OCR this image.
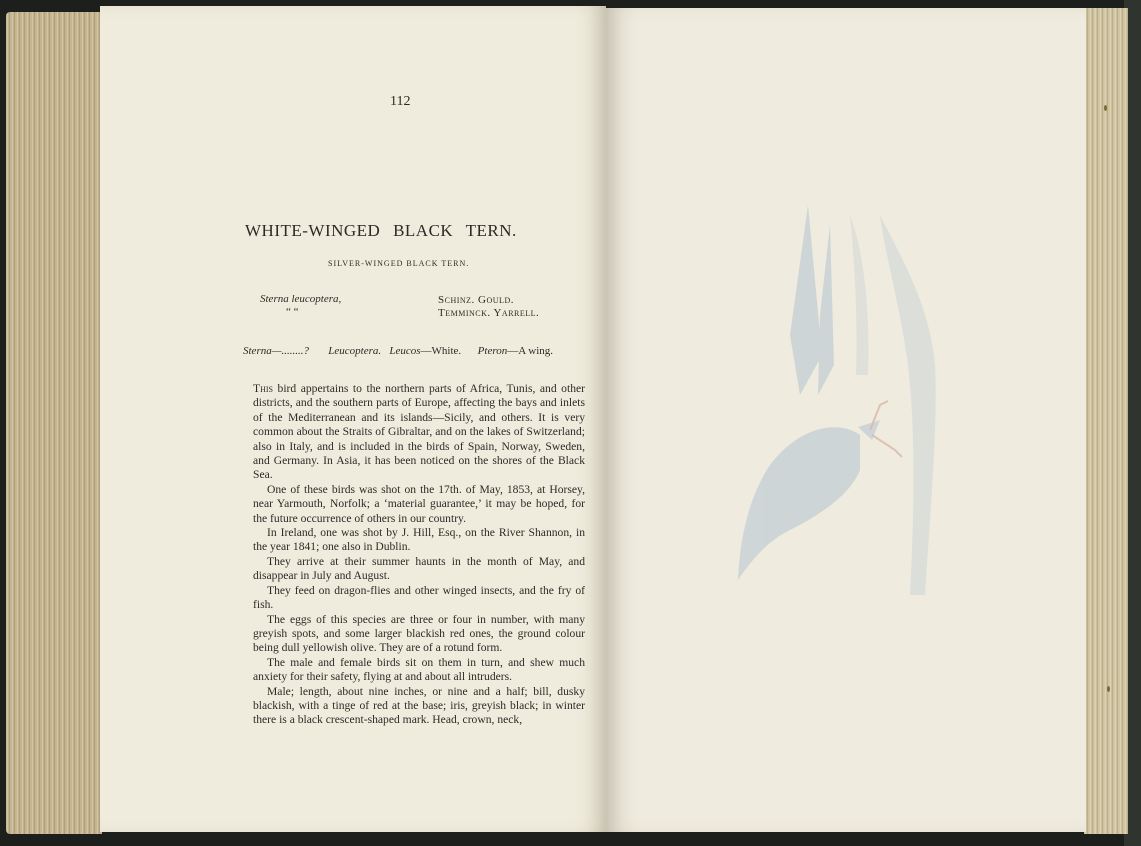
112
WHITE-WINGED BLACK TERN.
SILVER-WINGED BLACK TERN.
Sterna leucoptera,	Schinz. Gould.
“ “	Temminck. Yarrell.
Sterna—........? Leucoptera. Leucos—White. Pteron—A wing.

This bird appertains to the northern parts of Africa, Tunis, and other districts, and the southern parts of Europe, affecting the bays and inlets of the Mediterranean and its islands—Sicily, and others. It is very common about the Straits of Gibraltar, and on the lakes of Switzerland; also in Italy, and is included in the birds of Spain, Norway, Sweden, and Germany. In Asia, it has been noticed on the shores of the Black Sea.

One of these birds was shot on the 17th. of May, 1853, at Horsey, near Yarmouth, Norfolk; a ‘material guarantee,’ it may be hoped, for the future occurrence of others in our country.

In Ireland, one was shot by J. Hill, Esq., on the River Shannon, in the year 1841; one also in Dublin.

They arrive at their summer haunts in the month of May, and disappear in July and August.

They feed on dragon-flies and other winged insects, and the fry of fish.

The eggs of this species are three or four in number, with many greyish spots, and some larger blackish red ones, the ground colour being dull yellowish olive. They are of a rotund form.

The male and female birds sit on them in turn, and shew much anxiety for their safety, flying at and about all intruders.

Male; length, about nine inches, or nine and a half; bill, dusky blackish, with a tinge of red at the base; iris, greyish black; in winter there is a black crescent-shaped mark. Head, crown, neck,
